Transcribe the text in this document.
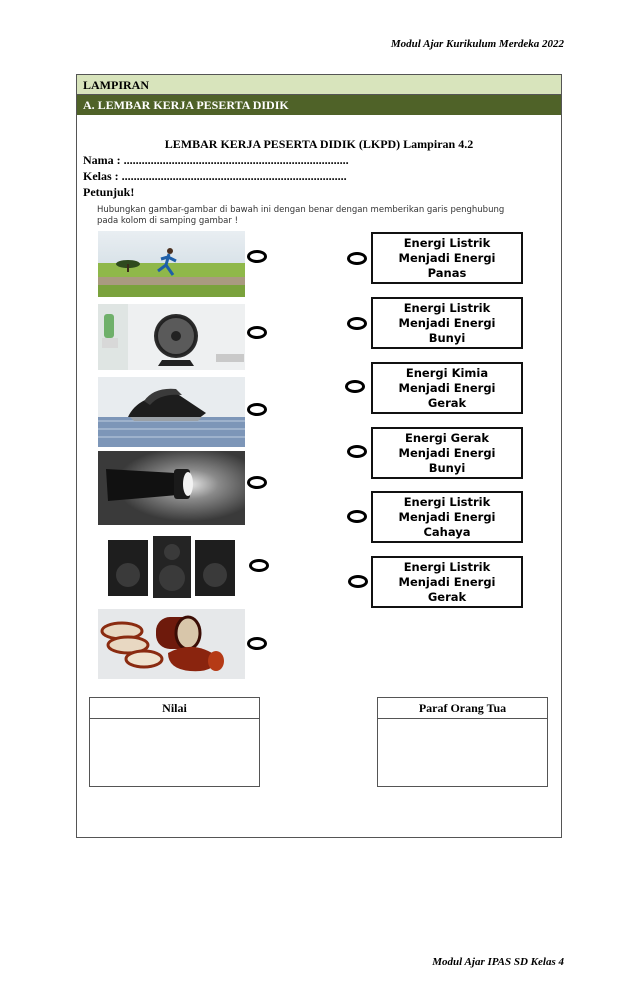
Modul Ajar Kurikulum Merdeka 2022
LAMPIRAN
A. LEMBAR KERJA PESERTA DIDIK
LEMBAR KERJA PESERTA DIDIK (LKPD) Lampiran 4.2
Nama : ...........................................................................
Kelas : ...........................................................................
Petunjuk!
Hubungkan gambar-gambar di bawah ini dengan benar dengan memberikan garis penghubung pada kolom di samping gambar !
Energi Listrik
Menjadi Energi
Panas
Energi Listrik
Menjadi Energi
Bunyi
Energi Kimia
Menjadi Energi
Gerak
Energi Gerak
Menjadi Energi
Bunyi
Energi Listrik
Menjadi Energi
Cahaya
Energi Listrik
Menjadi Energi
Gerak
Nilai	Paraf Orang Tua
Modul Ajar IPAS SD Kelas 4
